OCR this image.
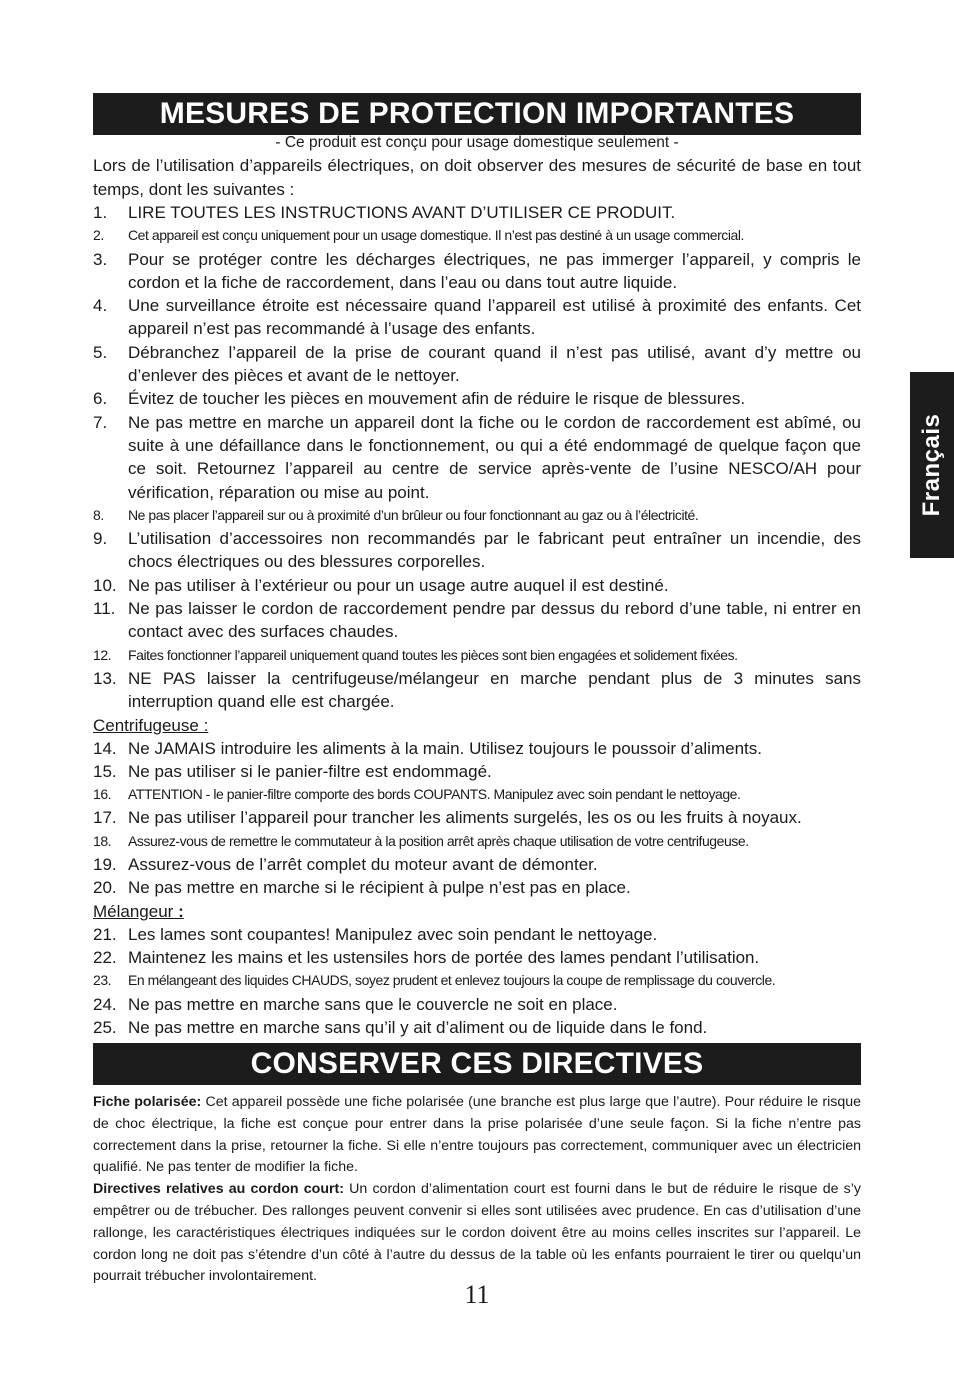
MESURES DE PROTECTION IMPORTANTES
- Ce produit est conçu pour usage domestique seulement -

Lors de l’utilisation d’appareils électriques, on doit observer des mesures de sécurité de base en tout temps, dont les suivantes :

1. LIRE TOUTES LES INSTRUCTIONS AVANT D’UTILISER CE PRODUIT.
2. Cet appareil est conçu uniquement pour un usage domestique. Il n’est pas destiné à un usage commercial.
3. Pour se protéger contre les décharges électriques, ne pas immerger l’appareil, y compris le cordon et la fiche de raccordement, dans l’eau ou dans tout autre liquide.
4. Une surveillance étroite est nécessaire quand l’appareil est utilisé à proximité des enfants. Cet appareil n’est pas recommandé à l’usage des enfants.
5. Débranchez l’appareil de la prise de courant quand il n’est pas utilisé, avant d’y mettre ou d’enlever des pièces et avant de le nettoyer.
6. Évitez de toucher les pièces en mouvement afin de réduire le risque de blessures.
7. Ne pas mettre en marche un appareil dont la fiche ou le cordon de raccordement est abîmé, ou suite à une défaillance dans le fonctionnement, ou qui a été endommagé de quelque façon que ce soit. Retournez l’appareil au centre de service après-vente de l’usine NESCO/AH pour vérification, réparation ou mise au point.
8. Ne pas placer l’appareil sur ou à proximité d’un brûleur ou four fonctionnant au gaz ou à l’électricité.
9. L’utilisation d’accessoires non recommandés par le fabricant peut entraîner un incendie, des chocs électriques ou des blessures corporelles.
10. Ne pas utiliser à l’extérieur ou pour un usage autre auquel il est destiné.
11. Ne pas laisser le cordon de raccordement pendre par dessus du rebord d’une table, ni entrer en contact avec des surfaces chaudes.
12. Faites fonctionner l’appareil uniquement quand toutes les pièces sont bien engagées et solidement fixées.
13. NE PAS laisser la centrifugeuse/mélangeur en marche pendant plus de 3 minutes sans interruption quand elle est chargée.
Centrifugeuse :
14. Ne JAMAIS introduire les aliments à la main. Utilisez toujours le poussoir d’aliments.
15. Ne pas utiliser si le panier-filtre est endommagé.
16. ATTENTION - le panier-filtre comporte des bords COUPANTS. Manipulez avec soin pendant le nettoyage.
17. Ne pas utiliser l’appareil pour trancher les aliments surgelés, les os ou les fruits à noyaux.
18. Assurez-vous de remettre le commutateur à la position arrêt après chaque utilisation de votre centrifugeuse.
19. Assurez-vous de l’arrêt complet du moteur avant de démonter.
20. Ne pas mettre en marche si le récipient à pulpe n’est pas en place.
Mélangeur :
21. Les lames sont coupantes! Manipulez avec soin pendant le nettoyage.
22. Maintenez les mains et les ustensiles hors de portée des lames pendant l’utilisation.
23. En mélangeant des liquides CHAUDS, soyez prudent et enlevez toujours la coupe de remplissage du couvercle.
24. Ne pas mettre en marche sans que le couvercle ne soit en place.
25. Ne pas mettre en marche sans qu’il y ait d’aliment ou de liquide dans le fond.
CONSERVER CES DIRECTIVES

Fiche polarisée: Cet appareil possède une fiche polarisée (une branche est plus large que l’autre). Pour réduire le risque de choc électrique, la fiche est conçue pour entrer dans la prise polarisée d’une seule façon. Si la fiche n’entre pas correctement dans la prise, retourner la fiche. Si elle n’entre toujours pas correctement, communiquer avec un électricien qualifié. Ne pas tenter de modifier la fiche.

Directives relatives au cordon court: Un cordon d’alimentation court est fourni dans le but de réduire le risque de s’y empêtrer ou de trébucher. Des rallonges peuvent convenir si elles sont utilisées avec prudence. En cas d’utilisation d’une rallonge, les caractéristiques électriques indiquées sur le cordon doivent être au moins celles inscrites sur l’appareil. Le cordon long ne doit pas s’étendre d’un côté à l’autre du dessus de la table où les enfants pourraient le tirer ou quelqu’un pourrait trébucher involontairement.

11
Français
